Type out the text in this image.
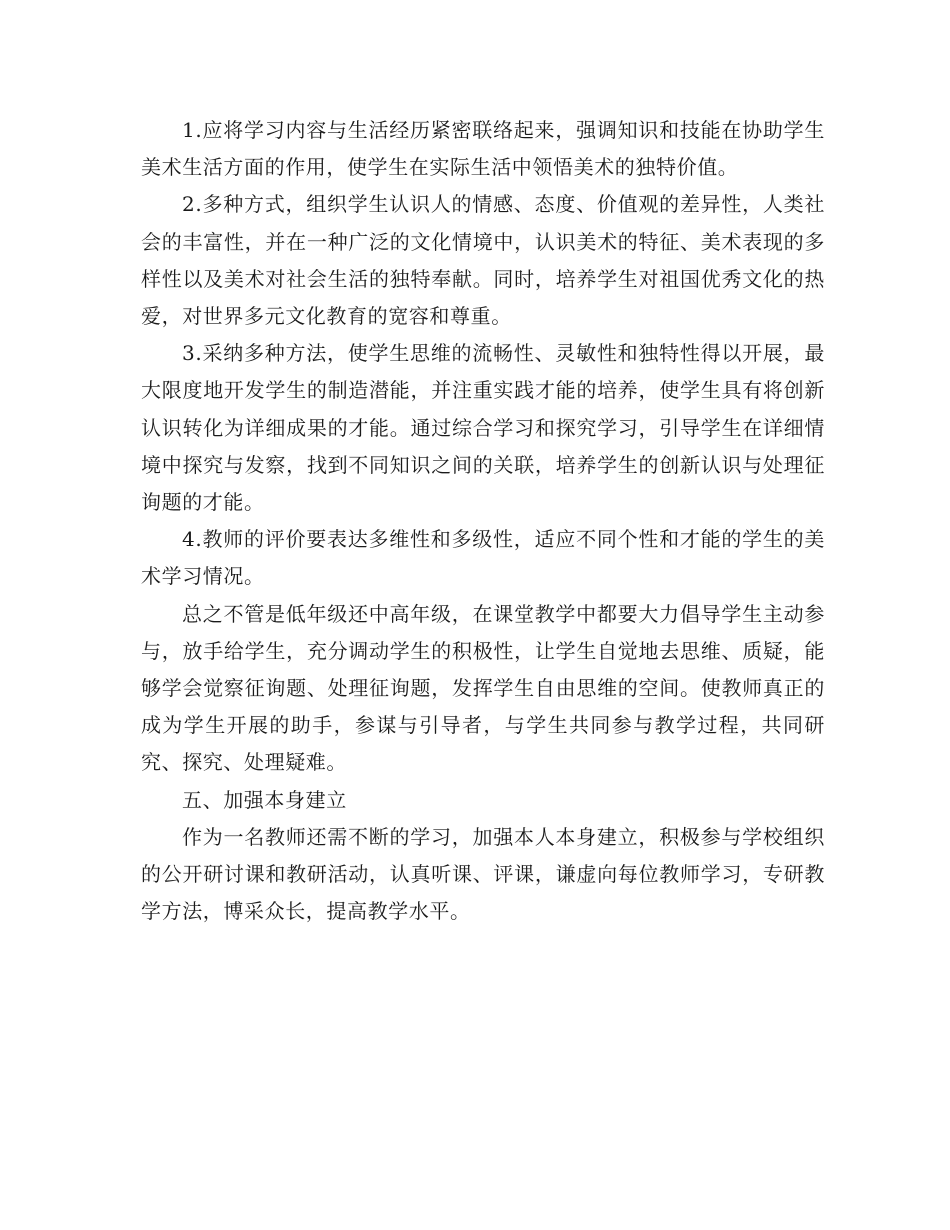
1.应将学习内容与生活经历紧密联络起来，强调知识和技能在协助学生美术生活方面的作用，使学生在实际生活中领悟美术的独特价值。

2.多种方式，组织学生认识人的情感、态度、价值观的差异性，人类社会的丰富性，并在一种广泛的文化情境中，认识美术的特征、美术表现的多样性以及美术对社会生活的独特奉献。同时，培养学生对祖国优秀文化的热爱，对世界多元文化教育的宽容和尊重。

3.采纳多种方法，使学生思维的流畅性、灵敏性和独特性得以开展，最大限度地开发学生的制造潜能，并注重实践才能的培养，使学生具有将创新认识转化为详细成果的才能。通过综合学习和探究学习，引导学生在详细情境中探究与发察，找到不同知识之间的关联，培养学生的创新认识与处理征询题的才能。

4.教师的评价要表达多维性和多级性，适应不同个性和才能的学生的美术学习情况。

总之不管是低年级还中高年级，在课堂教学中都要大力倡导学生主动参与，放手给学生，充分调动学生的积极性，让学生自觉地去思维、质疑，能够学会觉察征询题、处理征询题，发挥学生自由思维的空间。使教师真正的成为学生开展的助手，参谋与引导者，与学生共同参与教学过程，共同研究、探究、处理疑难。

五、加强本身建立

作为一名教师还需不断的学习，加强本人本身建立，积极参与学校组织的公开研讨课和教研活动，认真听课、评课，谦虚向每位教师学习，专研教学方法，博采众长，提高教学水平。
